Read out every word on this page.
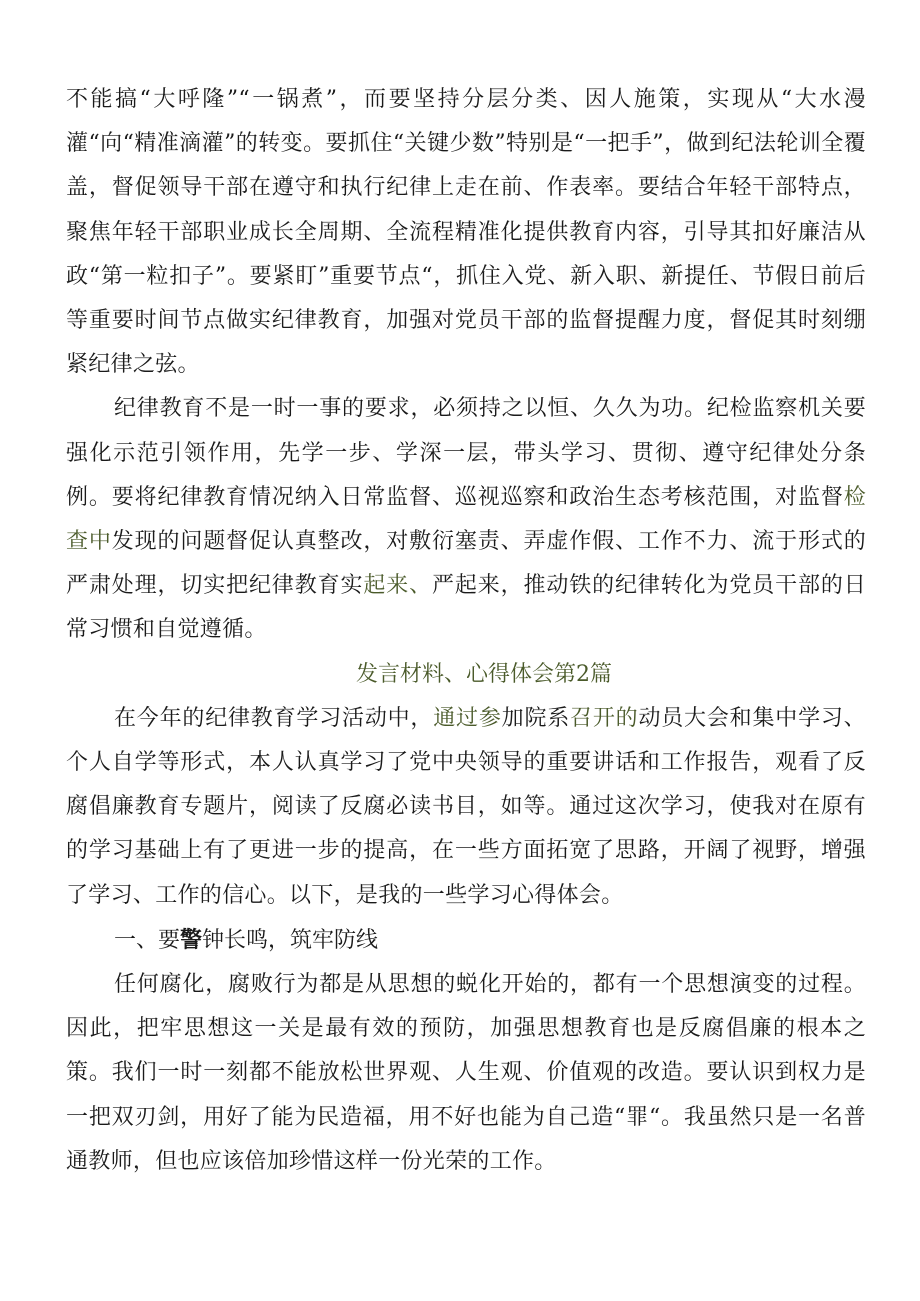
不能搞“大呼隆”“一锅煮”，而要坚持分层分类、因人施策，实现从“大水漫灌“向“精准滴灌”的转变。要抓住“关键少数”特别是“一把手”，做到纪法轮训全覆盖，督促领导干部在遵守和执行纪律上走在前、作表率。要结合年轻干部特点，聚焦年轻干部职业成长全周期、全流程精准化提供教育内容，引导其扣好廉洁从政“第一粒扣子”。要紧盯”重要节点“，抓住入党、新入职、新提任、节假日前后等重要时间节点做实纪律教育，加强对党员干部的监督提醒力度，督促其时刻绷紧纪律之弦。

纪律教育不是一时一事的要求，必须持之以恒、久久为功。纪检监察机关要强化示范引领作用，先学一步、学深一层，带头学习、贯彻、遵守纪律处分条例。要将纪律教育情况纳入日常监督、巡视巡察和政治生态考核范围，对监督检查中发现的问题督促认真整改，对敷衍塞责、弄虚作假、工作不力、流于形式的严肃处理，切实把纪律教育实起来、严起来，推动铁的纪律转化为党员干部的日常习惯和自觉遵循。

发言材料、心得体会第2篇

在今年的纪律教育学习活动中，通过参加院系召开的动员大会和集中学习、个人自学等形式，本人认真学习了党中央领导的重要讲话和工作报告，观看了反腐倡廉教育专题片，阅读了反腐必读书目，如等。通过这次学习，使我对在原有的学习基础上有了更进一步的提高，在一些方面拓宽了思路，开阔了视野，增强了学习、工作的信心。以下，是我的一些学习心得体会。

一、要警钟长鸣，筑牢防线

任何腐化，腐败行为都是从思想的蜕化开始的，都有一个思想演变的过程。因此，把牢思想这一关是最有效的预防，加强思想教育也是反腐倡廉的根本之策。我们一时一刻都不能放松世界观、人生观、价值观的改造。要认识到权力是一把双刃剑，用好了能为民造福，用不好也能为自己造“罪“。我虽然只是一名普通教师，但也应该倍加珍惜这样一份光荣的工作。
